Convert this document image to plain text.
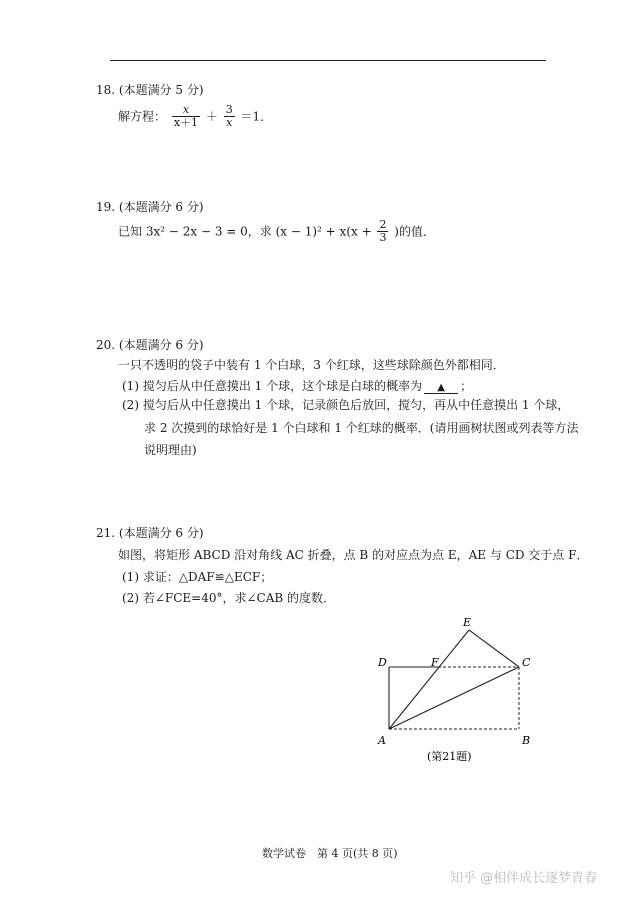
18. (本题满分 5 分)
解方程： $\frac{x}{x+1} + \frac{3}{x} =1$．
19. (本题满分 6 分)
已知 3x² − 2x − 3 = 0，求 $(x - 1)^2 + x(x + \frac{2}{3}$ )的值．
20. (本题满分 6 分)
一只不透明的袋子中装有 1 个白球，3 个红球，这些球除颜色外都相同．
(1) 搅匀后从中任意摸出 1 个球，这个球是白球的概率为 ▲ ；
(2) 搅匀后从中任意摸出 1 个球，记录颜色后放回，搅匀，再从中任意摸出 1 个球，
求 2 次摸到的球恰好是 1 个白球和 1 个红球的概率．(请用画树状图或列表等方法
说明理由)
21. (本题满分 6 分)
如图，将矩形 ABCD 沿对角线 AC 折叠，点 B 的对应点为点 E，AE 与 CD 交于点 F．
(1) 求证：△DAF≌△ECF；
(2) 若∠FCE=40°，求∠CAB 的度数．
E
D	F	C
A	B
(第21题)
数学试卷　第 4 页(共 8 页)
知乎 @相伴成长逐梦青春
